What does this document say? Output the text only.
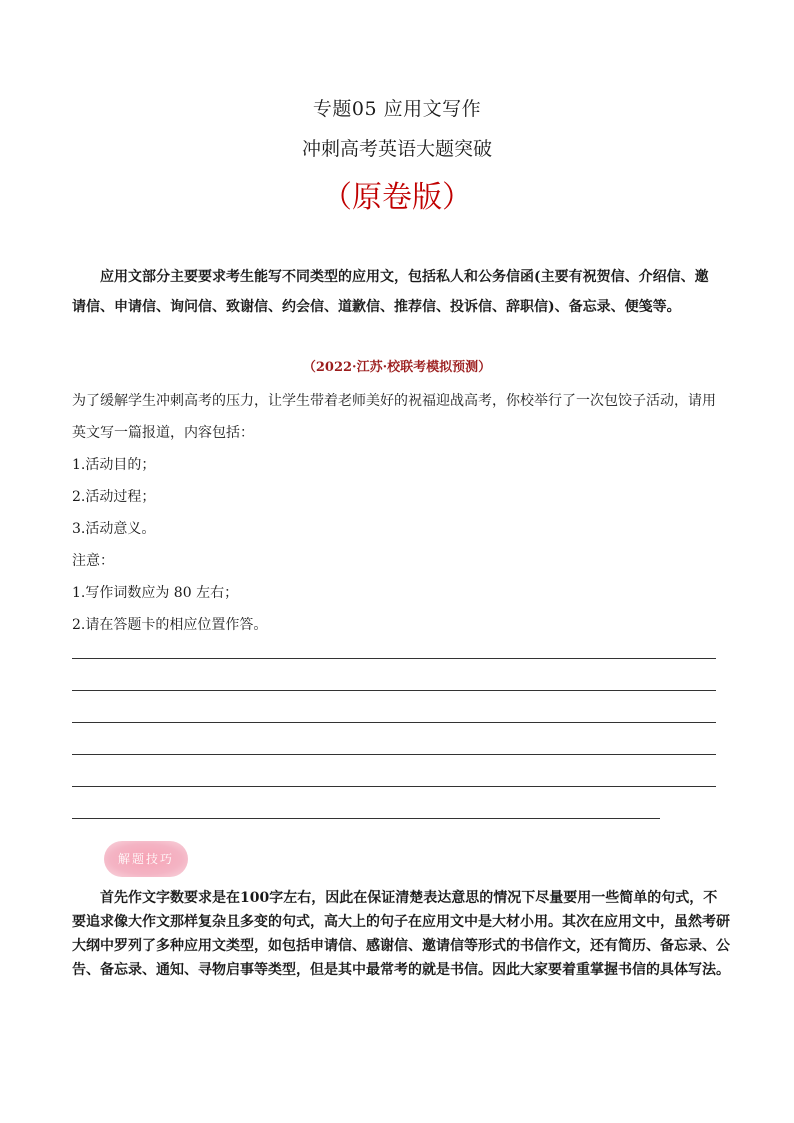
专题05 应用文写作
冲刺高考英语大题突破
（原卷版）
应用文部分主要要求考生能写不同类型的应用文，包括私人和公务信函(主要有祝贺信、介绍信、邀请信、申请信、询问信、致谢信、约会信、道歉信、推荐信、投诉信、辞职信)、备忘录、便笺等。
（2022·江苏·校联考模拟预测）

为了缓解学生冲刺高考的压力，让学生带着老师美好的祝福迎战高考，你校举行了一次包饺子活动，请用英文写一篇报道，内容包括：

1.活动目的；

2.活动过程；

3.活动意义。

注意：

1.写作词数应为 80 左右；

2.请在答题卡的相应位置作答。

解题技巧
首先作文字数要求是在100字左右，因此在保证清楚表达意思的情况下尽量要用一些简单的句式，不要追求像大作文那样复杂且多变的句式，高大上的句子在应用文中是大材小用。其次在应用文中，虽然考研大纲中罗列了多种应用文类型，如包括申请信、感谢信、邀请信等形式的书信作文，还有简历、备忘录、公告、备忘录、通知、寻物启事等类型，但是其中最常考的就是书信。因此大家要着重掌握书信的具体写法。
